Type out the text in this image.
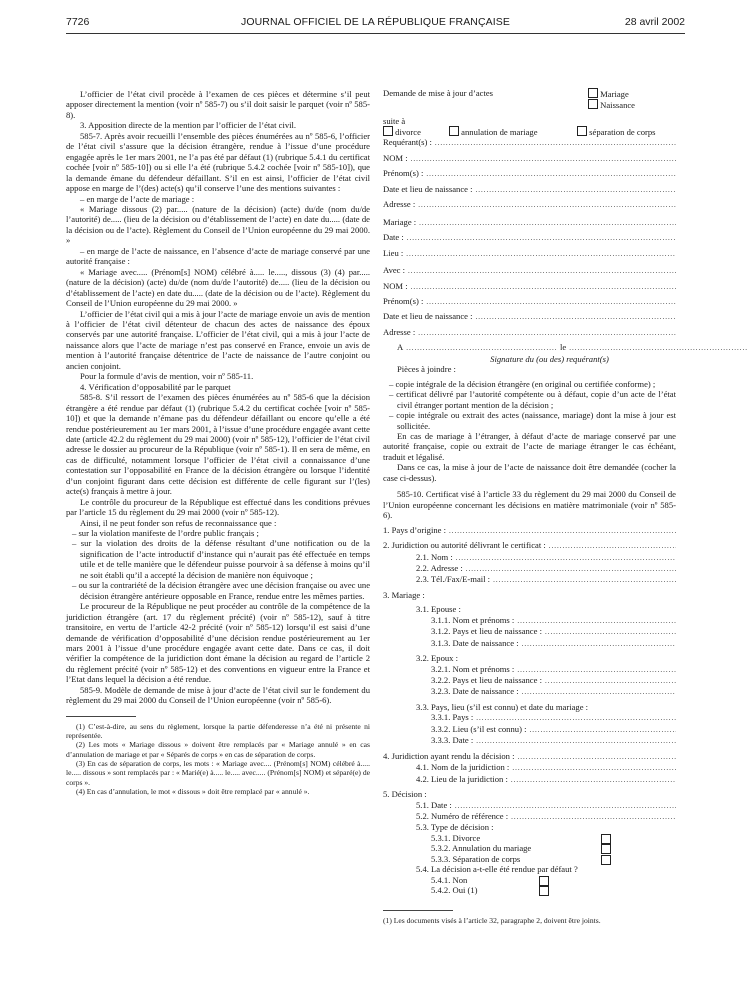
7726	JOURNAL OFFICIEL DE LA RÉPUBLIQUE FRANÇAISE	28 avril 2002

L’officier de l’état civil procède à l’examen de ces pièces et détermine s’il peut apposer directement la mention (voir nº 585-7) ou s’il doit saisir le parquet (voir nº 585-8).

3. Apposition directe de la mention par l’officier de l’état civil.

585-7. Après avoir recueilli l’ensemble des pièces énumérées au nº 585-6, l’officier de l’état civil s’assure que la décision étrangère, rendue à l’issue d’une procédure engagée après le 1er mars 2001, ne l’a pas été par défaut (1) (rubrique 5.4.1 du certificat cochée [voir nº 585-10]) ou si elle l’a été (rubrique 5.4.2 cochée [voir nº 585-10]), que la demande émane du défendeur défaillant. S’il en est ainsi, l’officier de l’état civil appose en marge de l’(des) acte(s) qu’il conserve l’une des mentions suivantes :

– en marge de l’acte de mariage :

« Mariage dissous (2) par..... (nature de la décision) (acte) du/de (nom du/de l’autorité) de..... (lieu de la décision ou d’établissement de l’acte) en date du..... (date de la décision ou de l’acte). Règlement du Conseil de l’Union européenne du 29 mai 2000. »

– en marge de l’acte de naissance, en l’absence d’acte de mariage conservé par une autorité française :

« Mariage avec..... (Prénom[s] NOM) célébré à..... le....., dissous (3) (4) par..... (nature de la décision) (acte) du/de (nom du/de l’autorité) de..... (lieu de la décision ou d’établissement de l’acte) en date du..... (date de la décision ou de l’acte). Règlement du Conseil de l’Union européenne du 29 mai 2000. »

L’officier de l’état civil qui a mis à jour l’acte de mariage envoie un avis de mention à l’officier de l’état civil détenteur de chacun des actes de naissance des époux conservés par une autorité française. L’officier de l’état civil, qui a mis à jour l’acte de naissance alors que l’acte de mariage n’est pas conservé en France, envoie un avis de mention à l’autorité française détentrice de l’acte de naissance de l’autre conjoint ou ancien conjoint.

Pour la formule d’avis de mention, voir nº 585-11.

4. Vérification d’opposabilité par le parquet

585-8. S’il ressort de l’examen des pièces énumérées au nº 585-6 que la décision étrangère a été rendue par défaut (1) (rubrique 5.4.2 du certificat cochée [voir nº 585-10]) et que la demande n’émane pas du défendeur défaillant ou encore qu’elle a été rendue postérieurement au 1er mars 2001, à l’issue d’une procédure engagée avant cette date (article 42.2 du règlement du 29 mai 2000) (voir nº 585-12), l’officier de l’état civil adresse le dossier au procureur de la République (voir nº 585-1). Il en sera de même, en cas de difficulté, notamment lorsque l’officier de l’état civil a connaissance d’une contestation sur l’opposabilité en France de la décision étrangère ou lorsque l’identité d’un conjoint figurant dans cette décision est différente de celle figurant sur l’(les) acte(s) français à mettre à jour.

Le contrôle du procureur de la République est effectué dans les conditions prévues par l’article 15 du règlement du 29 mai 2000 (voir nº 585-12).

Ainsi, il ne peut fonder son refus de reconnaissance que :

– sur la violation manifeste de l’ordre public français ;

– sur la violation des droits de la défense résultant d’une notification ou de la signification de l’acte introductif d’instance qui n’aurait pas été effectuée en temps utile et de telle manière que le défendeur puisse pourvoir à sa défense à moins qu’il ne soit établi qu’il a accepté la décision de manière non équivoque ;

– ou sur la contrariété de la décision étrangère avec une décision française ou avec une décision étrangère antérieure opposable en France, rendue entre les mêmes parties.

Le procureur de la République ne peut procéder au contrôle de la compétence de la juridiction étrangère (art. 17 du règlement précité) (voir nº 585-12), sauf à titre transitoire, en vertu de l’article 42-2 précité (voir nº 585-12) lorsqu’il est saisi d’une demande de vérification d’opposabilité d’une décision rendue postérieurement au 1er mars 2001 à l’issue d’une procédure engagée avant cette date. Dans ce cas, il doit vérifier la compétence de la juridiction dont émane la décision au regard de l’article 2 du règlement précité (voir nº 585-12) et des conventions en vigueur entre la France et l’Etat dans lequel la décision a été rendue.

585-9. Modèle de demande de mise à jour d’acte de l’état civil sur le fondement du règlement du 29 mai 2000 du Conseil de l’Union européenne (voir nº 585-6).

(1) C’est-à-dire, au sens du règlement, lorsque la partie défenderesse n’a été ni présente ni représentée.

(2) Les mots « Mariage dissous » doivent être remplacés par « Mariage annulé » en cas d’annulation de mariage et par « Séparés de corps » en cas de séparation de corps.

(3) En cas de séparation de corps, les mots : « Mariage avec.... (Prénom[s] NOM) célébré à..... le..... dissous » sont remplacés par : « Marié(e) à..... le..... avec..... (Prénom[s] NOM) et séparé(e) de corps ».

(4) En cas d’annulation, le mot « dissous » doit être remplacé par « annulé ».

Demande de mise à jour d’actes	Mariage
Naissance

suite à

divorce	annulation de mariage	séparation de corps
Requérant(s) :
.....
NOM :
.....
Prénom(s) :
.....
Date et lieu de naissance :
.....
Adresse :
.....
Mariage :
.....
Date :
.....
Lieu :
.....
Avec :
.....
NOM :
.....
Prénom(s) :
.....
Date et lieu de naissance :
.....
Adresse :
.....
A
.....	le
.....

Signature du (ou des) requérant(s)

Pièces à joindre :

– copie intégrale de la décision étrangère (en original ou certifiée conforme) ;

– certificat délivré par l’autorité compétente ou à défaut, copie d’un acte de l’état civil étranger portant mention de la décision ;

– copie intégrale ou extrait des actes (naissance, mariage) dont la mise à jour est sollicitée.

En cas de mariage à l’étranger, à défaut d’acte de mariage conservé par une autorité française, copie ou extrait de l’acte de mariage étranger le cas échéant, traduit et légalisé.

Dans ce cas, la mise à jour de l’acte de naissance doit être demandée (cocher la case ci-dessus).

585-10. Certificat visé à l’article 33 du règlement du 29 mai 2000 du Conseil de l’Union européenne concernant les décisions en matière matrimoniale (voir nº 585-6).

1. Pays d’origine :
.....
2. Juridiction ou autorité délivrant le certificat :
.....
2.1. Nom :
.....
2.2. Adresse :
.....
2.3. Tél./Fax/E-mail :
.....

3. Mariage :

3.1. Epouse :

3.1.1. Nom et prénoms :
.....
3.1.2. Pays et lieu de naissance :
.....
3.1.3. Date de naissance :
.....

3.2. Epoux :

3.2.1. Nom et prénoms :
.....
3.2.2. Pays et lieu de naissance :
.....
3.2.3. Date de naissance :
.....

3.3. Pays, lieu (s’il est connu) et date du mariage :

3.3.1. Pays :
.....
3.3.2. Lieu (s’il est connu) :
.....
3.3.3. Date :
.....
4. Juridiction ayant rendu la décision :
.....
4.1. Nom de la juridiction :
.....
4.2. Lieu de la juridiction :
.....

5. Décision :

5.1. Date :
.....
5.2. Numéro de référence :
.....

5.3. Type de décision :

5.3.1. Divorce
5.3.2. Annulation du mariage
5.3.3. Séparation de corps

5.4. La décision a-t-elle été rendue par défaut ?

5.4.1. Non
5.4.2. Oui (1)

(1) Les documents visés à l’article 32, paragraphe 2, doivent être joints.
